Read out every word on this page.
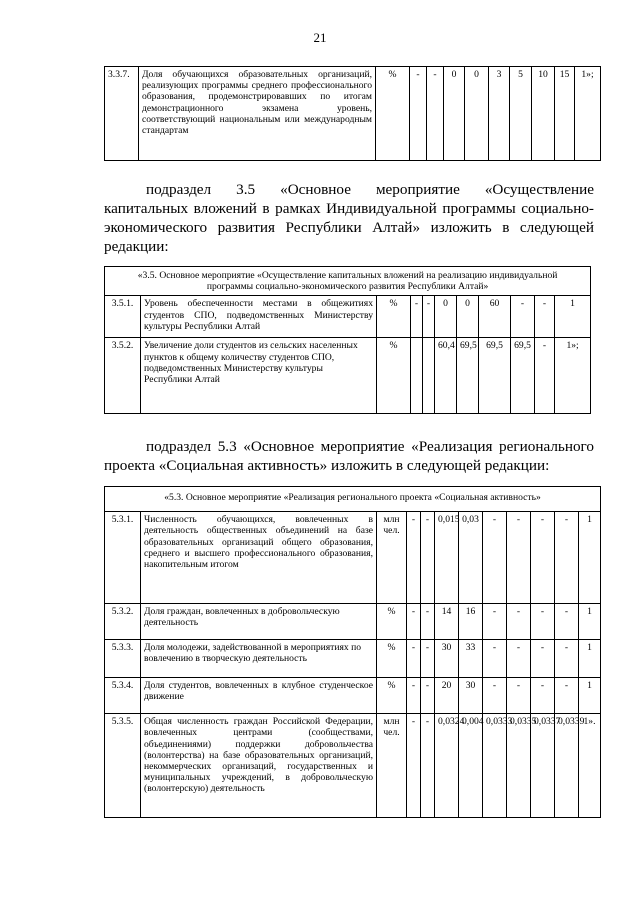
21
3.3.7.	Доля обучающихся образовательных организаций, реализующих программы среднего профессионального образования, продемонстрировавших по итогам демонстрационного экзамена уровень, соответствующий национальным или международным стандартам	%	-	-	0	0	3	5	10	15	1»;
подраздел 3.5 «Основное мероприятие «Осуществление капитальных вложений в рамках Индивидуальной программы социально-экономического развития Республики Алтай» изложить в следующей редакции:
«3.5. Основное мероприятие «Осуществление капитальных вложений на реализацию индивидуальной программы социально-экономического развития Республики Алтай»										
3.5.1.	Уровень обеспеченности местами в общежитиях студентов СПО, подведомственных Министерству культуры Республики Алтай	%	-	-	0	0	60	-	-	1
3.5.2.	Увеличение доли студентов из сельских населенных пунктов к общему количеству студентов СПО, подведомственных Министерству культуры Республики Алтай	%			60,4	69,5	69,5	69,5	-	1»;
подраздел 5.3 «Основное мероприятие «Реализация регионального проекта «Социальная активность» изложить в следующей редакции:
«5.3. Основное мероприятие «Реализация регионального проекта «Социальная активность»											
5.3.1.	Численность обучающихся, вовлеченных в деятельность общественных объединений на базе образовательных организаций общего образования, среднего и высшего профессионального образования, накопительным итогом	млн чел.	-	-	0,015	0,03	-	-	-	-	1
5.3.2.	Доля граждан, вовлеченных в добровольческую деятельность	%	-	-	14	16	-	-	-	-	1
5.3.3.	Доля молодежи, задействованной в мероприятиях по вовлечению в творческую деятельность	%	-	-	30	33	-	-	-	-	1
5.3.4.	Доля студентов, вовлеченных в клубное студенческое движение	%	-	-	20	30	-	-	-	-	1
5.3.5.	Общая численность граждан Российской Федерации, вовлеченных центрами (сообществами, объединениями) поддержки добровольчества (волонтерства) на базе образовательных организаций, некоммерческих организаций, государственных и муниципальных учреждений, в добровольческую (волонтерскую) деятельность	млн чел.	-	-	0,0324	0,004	0,0333	0,0335	0,0337	0,0339	1».
